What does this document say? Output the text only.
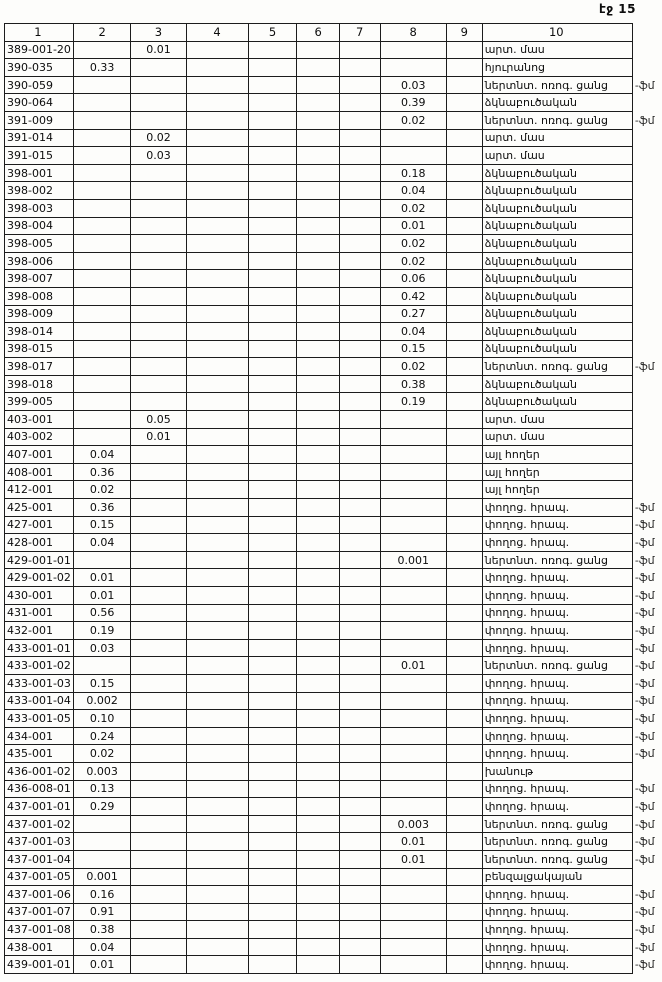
էջ 15
1	2	3	4	5	6	7	8	9	10	
389-001-20		0.01							արտ. մաս	
390-035	0.33								հյուրանոց	
390-059							0.03		ներտնտ. ոռոգ. ցանց	-ֆմ
390-064							0.39		ձկնաբուծական	
391-009							0.02		ներտնտ. ոռոգ. ցանց	-ֆմ
391-014		0.02							արտ. մաս	
391-015		0.03							արտ. մաս	
398-001							0.18		ձկնաբուծական	
398-002							0.04		ձկնաբուծական	
398-003							0.02		ձկնաբուծական	
398-004							0.01		ձկնաբուծական	
398-005							0.02		ձկնաբուծական	
398-006							0.02		ձկնաբուծական	
398-007							0.06		ձկնաբուծական	
398-008							0.42		ձկնաբուծական	
398-009							0.27		ձկնաբուծական	
398-014							0.04		ձկնաբուծական	
398-015							0.15		ձկնաբուծական	
398-017							0.02		ներտնտ. ոռոգ. ցանց	-ֆմ
398-018							0.38		ձկնաբուծական	
399-005							0.19		ձկնաբուծական	
403-001		0.05							արտ. մաս	
403-002		0.01							արտ. մաս	
407-001	0.04								այլ հողեր	
408-001	0.36								այլ հողեր	
412-001	0.02								այլ հողեր	
425-001	0.36								փողոց. հրապ.	-ֆմ
427-001	0.15								փողոց. հրապ.	-ֆմ
428-001	0.04								փողոց. հրապ.	-ֆմ
429-001-01							0.001		ներտնտ. ոռոգ. ցանց	-ֆմ
429-001-02	0.01								փողոց. հրապ.	-ֆմ
430-001	0.01								փողոց. հրապ.	-ֆմ
431-001	0.56								փողոց. հրապ.	-ֆմ
432-001	0.19								փողոց. հրապ.	-ֆմ
433-001-01	0.03								փողոց. հրապ.	-ֆմ
433-001-02							0.01		ներտնտ. ոռոգ. ցանց	-ֆմ
433-001-03	0.15								փողոց. հրապ.	-ֆմ
433-001-04	0.002								փողոց. հրապ.	-ֆմ
433-001-05	0.10								փողոց. հրապ.	-ֆմ
434-001	0.24								փողոց. հրապ.	-ֆմ
435-001	0.02								փողոց. հրապ.	-ֆմ
436-001-02	0.003								խանութ	
436-008-01	0.13								փողոց. հրապ.	-ֆմ
437-001-01	0.29								փողոց. հրապ.	-ֆմ
437-001-02							0.003		ներտնտ. ոռոգ. ցանց	-ֆմ
437-001-03							0.01		ներտնտ. ոռոգ. ցանց	-ֆմ
437-001-04							0.01		ներտնտ. ոռոգ. ցանց	-ֆմ
437-001-05	0.001								բենզալցակայան	
437-001-06	0.16								փողոց. հրապ.	-ֆմ
437-001-07	0.91								փողոց. հրապ.	-ֆմ
437-001-08	0.38								փողոց. հրապ.	-ֆմ
438-001	0.04								փողոց. հրապ.	-ֆմ
439-001-01	0.01								փողոց. հրապ.	-ֆմ
